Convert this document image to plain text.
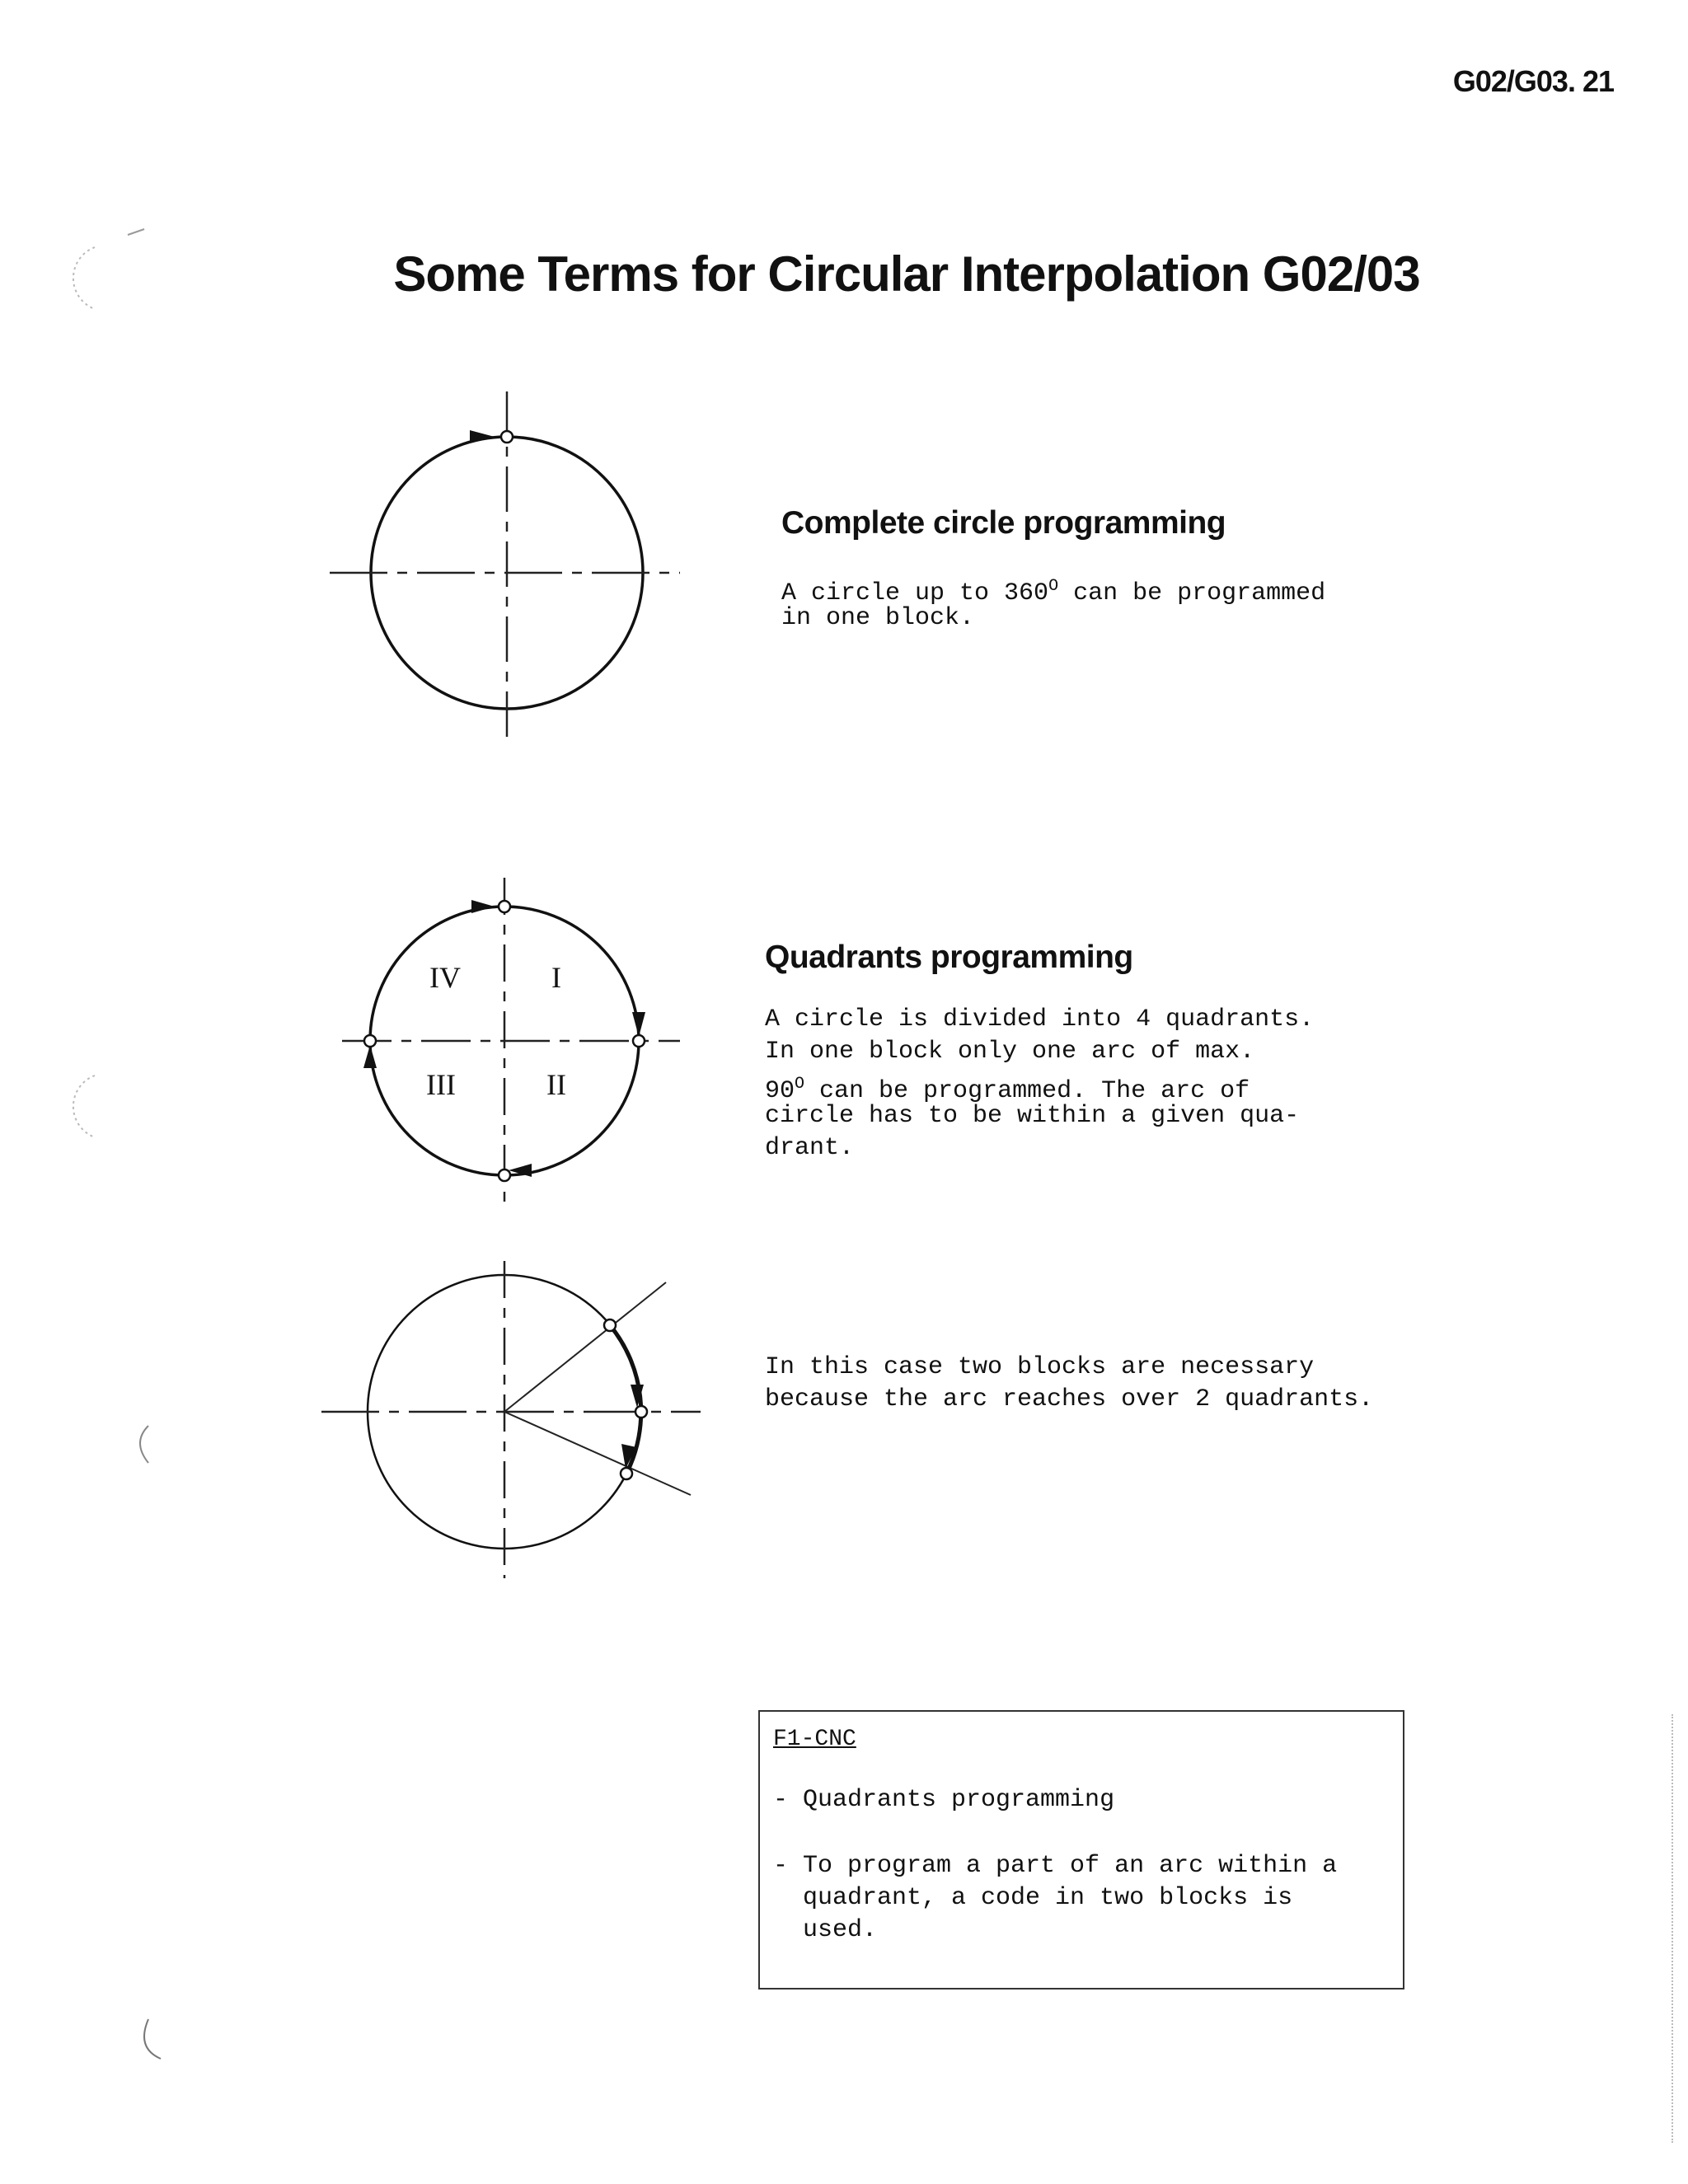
G02/G03. 21
Some Terms for Circular Interpolation G02/03
Complete circle programming
A circle up to $360^O$ can be programmed
in one block.
IV	I
III	II
Quadrants programming
A circle is divided into 4 quadrants.
In one block only one arc of max.
$90^O$ can be programmed. The arc of
circle has to be within a given qua-
drant.
In this case two blocks are necessary
because the arc reaches over 2 quadrants.
F1-CNC
- Quadrants programming
- To program a part of an arc within a
quadrant, a code in two blocks is
used.
